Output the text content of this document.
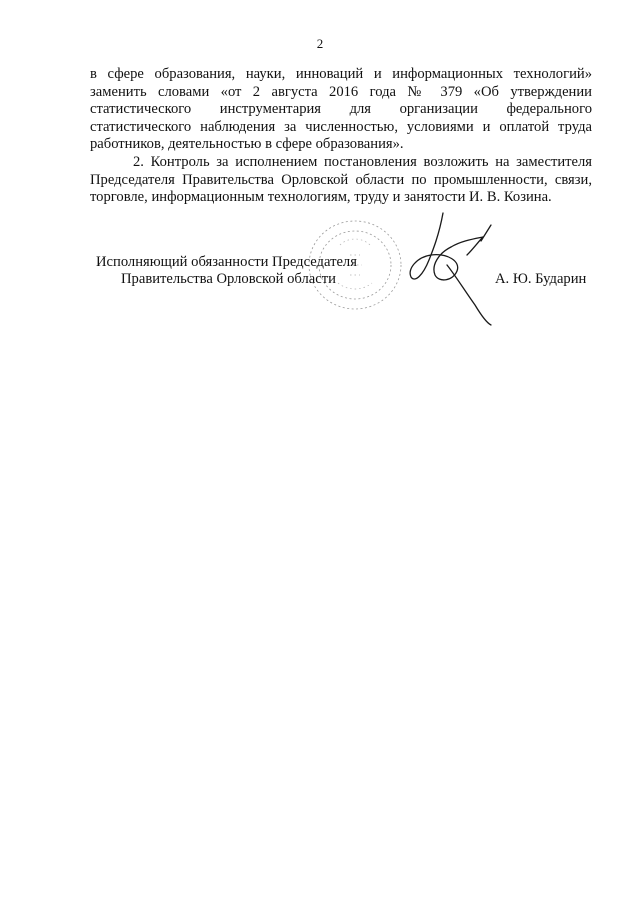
2

в сфере образования, науки, инноваций и информационных технологий» заменить словами «от 2 августа 2016 года № 379 «Об утверждении статистического инструментария для организации федерального статистического наблюдения за численностью, условиями и оплатой труда работников, деятельностью в сфере образования».

2. Контроль за исполнением постановления возложить на заместителя Председателя Правительства Орловской области по промышленности, связи, торговле, информационным технологиям, труду и занятости И. В. Козина.

Исполняющий обязанности Председателя
Правительства Орловской области	А. Ю. Бударин
